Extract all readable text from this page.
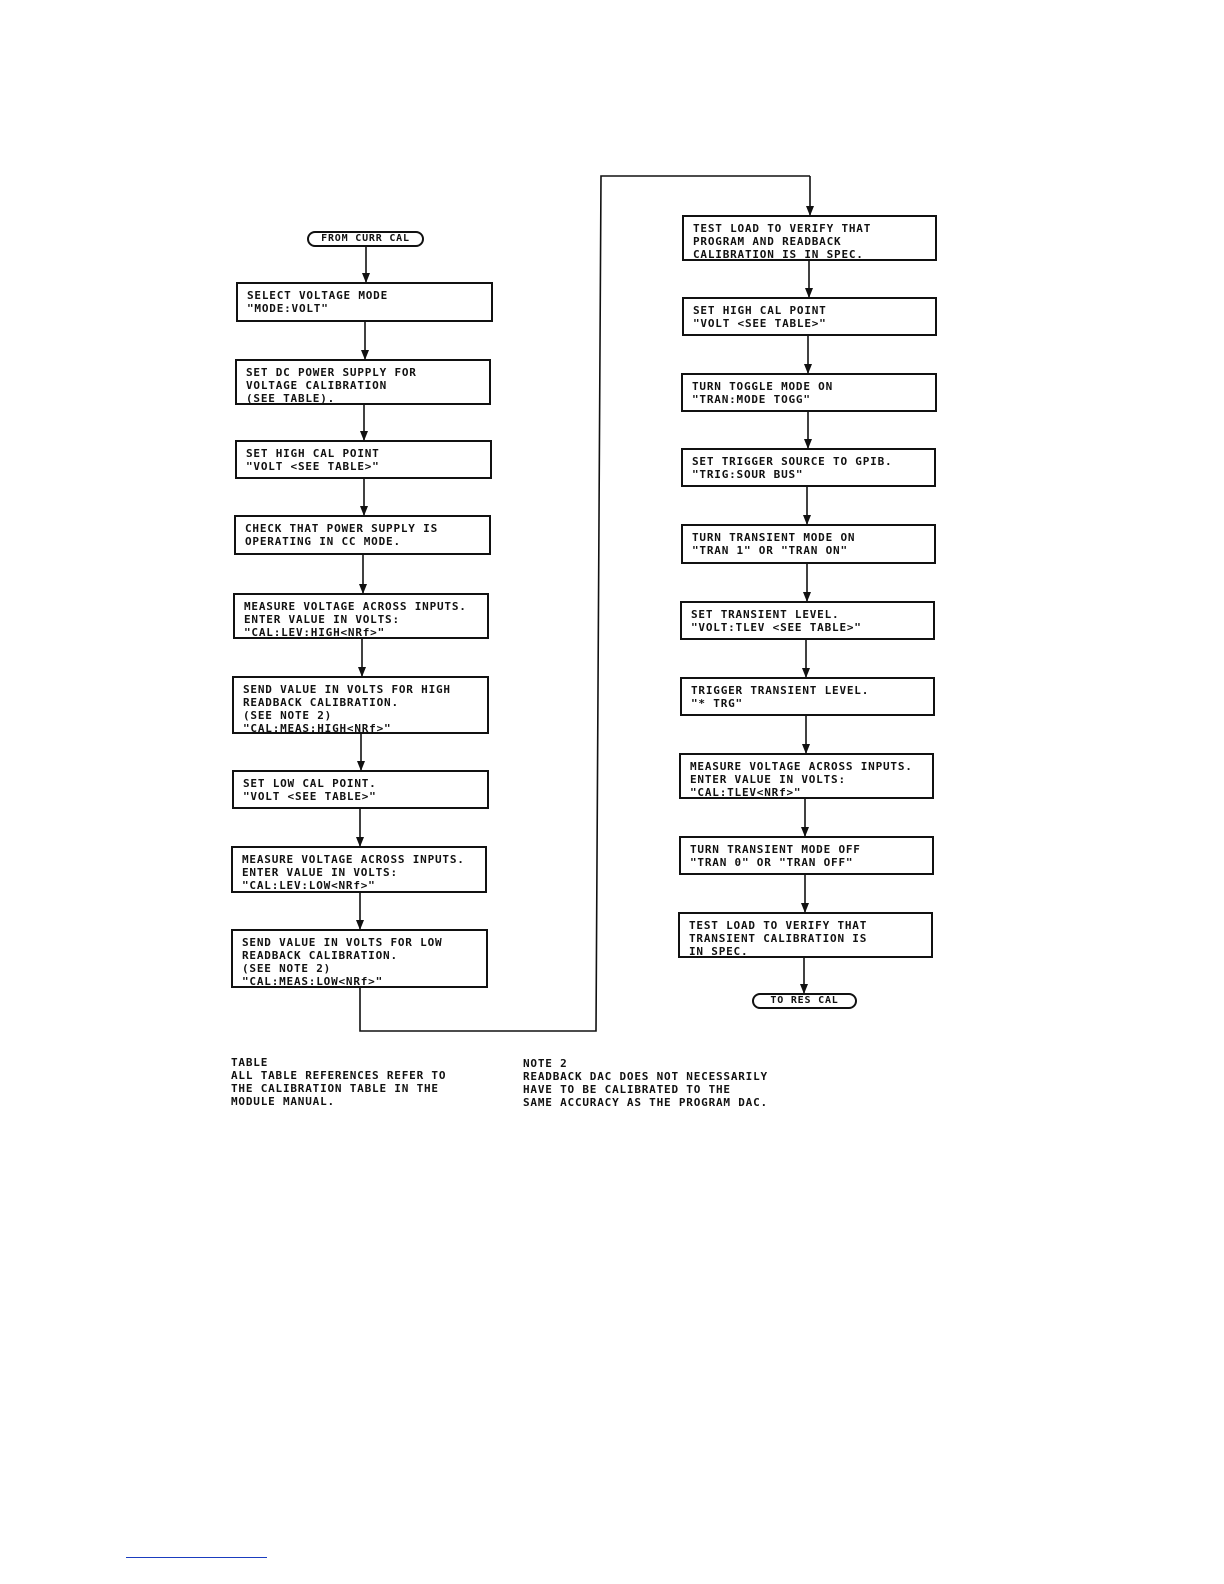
FROM CURR CAL
TO RES CAL
SELECT VOLTAGE MODE
"MODE:VOLT"
SET DC POWER SUPPLY FOR
VOLTAGE CALIBRATION
(SEE TABLE).
SET HIGH CAL POINT
"VOLT <SEE TABLE>"
CHECK THAT POWER SUPPLY IS
OPERATING IN CC MODE.
MEASURE VOLTAGE ACROSS INPUTS.
ENTER VALUE IN VOLTS:
"CAL:LEV:HIGH<NRf>"
SEND VALUE IN VOLTS FOR HIGH
READBACK CALIBRATION.
(SEE NOTE 2)
"CAL:MEAS:HIGH<NRf>"
SET LOW CAL POINT.
"VOLT <SEE TABLE>"
MEASURE VOLTAGE ACROSS INPUTS.
ENTER VALUE IN VOLTS:
"CAL:LEV:LOW<NRf>"
SEND VALUE IN VOLTS FOR LOW
READBACK CALIBRATION.
(SEE NOTE 2)
"CAL:MEAS:LOW<NRf>"
TEST LOAD TO VERIFY THAT
PROGRAM AND READBACK
CALIBRATION IS IN SPEC.
SET HIGH CAL POINT
"VOLT <SEE TABLE>"
TURN TOGGLE MODE ON
"TRAN:MODE TOGG"
SET TRIGGER SOURCE TO GPIB.
"TRIG:SOUR BUS"
TURN TRANSIENT MODE ON
"TRAN 1" OR "TRAN ON"
SET TRANSIENT LEVEL.
"VOLT:TLEV <SEE TABLE>"
TRIGGER TRANSIENT LEVEL.
"* TRG"
MEASURE VOLTAGE ACROSS INPUTS.
ENTER VALUE IN VOLTS:
"CAL:TLEV<NRf>"
TURN TRANSIENT MODE OFF
"TRAN 0" OR "TRAN OFF"
TEST LOAD TO VERIFY THAT
TRANSIENT CALIBRATION IS
IN SPEC.
TABLE
ALL TABLE REFERENCES REFER TO
THE CALIBRATION TABLE IN THE
MODULE MANUAL.
NOTE 2
READBACK DAC DOES NOT NECESSARILY
HAVE TO BE CALIBRATED TO THE
SAME ACCURACY AS THE PROGRAM DAC.
